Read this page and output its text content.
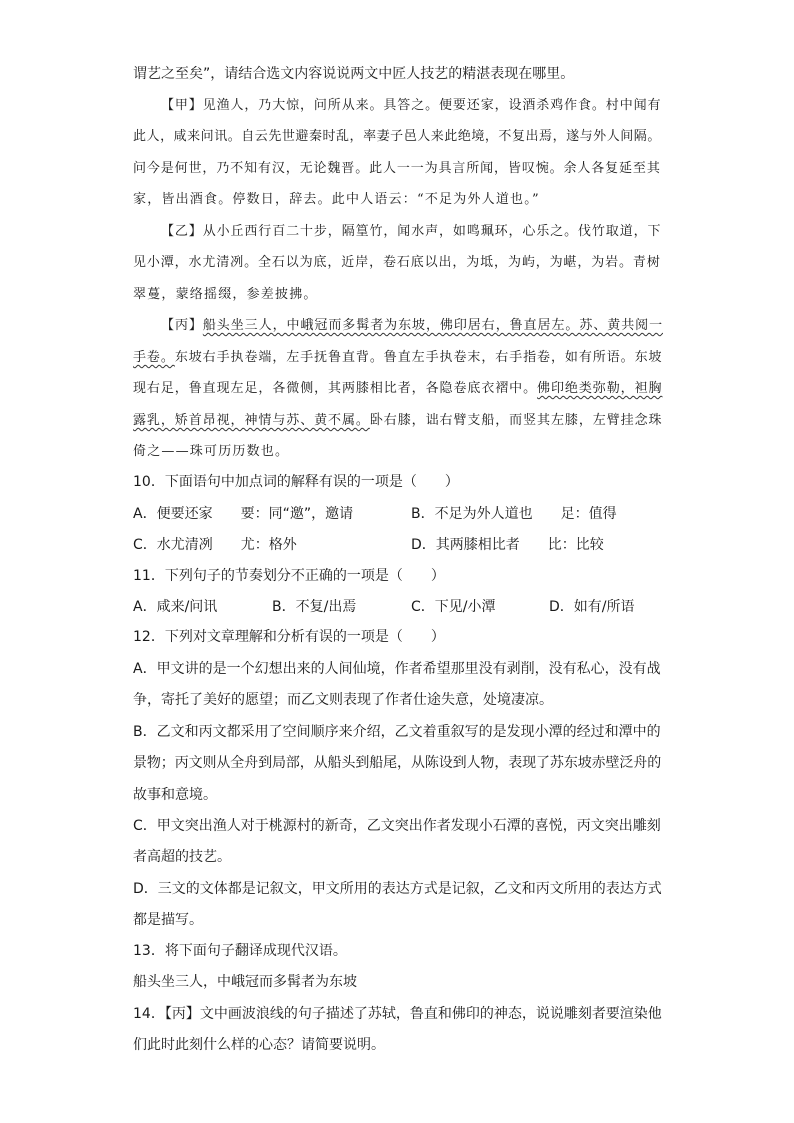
谓艺之至矣”，请结合选文内容说说两文中匠人技艺的精湛表现在哪里。
【甲】见渔人，乃大惊，问所从来。具答之。便要还家，设酒杀鸡作食。村中闻有
此人，咸来问讯。自云先世避秦时乱，率妻子邑人来此绝境，不复出焉，遂与外人间隔。
问今是何世，乃不知有汉，无论魏晋。此人一一为具言所闻，皆叹惋。余人各复延至其
家，皆出酒食。停数日，辞去。此中人语云：“不足为外人道也。”
【乙】从小丘西行百二十步，隔篁竹，闻水声，如鸣珮环，心乐之。伐竹取道，下
见小潭，水尤清冽。全石以为底，近岸，卷石底以出，为坻，为屿，为嵁，为岩。青树
翠蔓，蒙络摇缀，参差披拂。
【丙】船头坐三人，中峨冠而多髯者为东坡，佛印居右，鲁直居左。苏、黄共阅一
手卷。东坡右手执卷端，左手抚鲁直背。鲁直左手执卷末，右手指卷，如有所语。东坡
现右足，鲁直现左足，各微侧，其两膝相比者，各隐卷底衣褶中。佛印绝类弥勒，袒胸
露乳，矫首昂视，神情与苏、黄不属。卧右膝，诎右臂支船，而竖其左膝，左臂挂念珠
倚之——珠可历历数也。
10．下面语句中加点词的解释有误的一项是（　　）
A．便要还家　　要：同“邀”，邀请	B．不足为外人道也　　足：值得
C．水尤清冽　　尤：格外	D．其两膝相比者　　比：比较
11．下列句子的节奏划分不正确的一项是（　　）
A．咸来/问讯	B．不复/出焉	C．下见/小潭	D．如有/所语
12．下列对文章理解和分析有误的一项是（　　）
A．甲文讲的是一个幻想出来的人间仙境，作者希望那里没有剥削，没有私心，没有战
争，寄托了美好的愿望；而乙文则表现了作者仕途失意，处境凄凉。
B．乙文和丙文都采用了空间顺序来介绍，乙文着重叙写的是发现小潭的经过和潭中的
景物；丙文则从全舟到局部，从船头到船尾，从陈设到人物，表现了苏东坡赤壁泛舟的
故事和意境。
C．甲文突出渔人对于桃源村的新奇，乙文突出作者发现小石潭的喜悦，丙文突出雕刻
者高超的技艺。
D．三文的文体都是记叙文，甲文所用的表达方式是记叙，乙文和丙文所用的表达方式
都是描写。
13．将下面句子翻译成现代汉语。
船头坐三人，中峨冠而多髯者为东坡
14．【丙】文中画波浪线的句子描述了苏轼，鲁直和佛印的神态，说说雕刻者要渲染他
们此时此刻什么样的心态？请简要说明。
